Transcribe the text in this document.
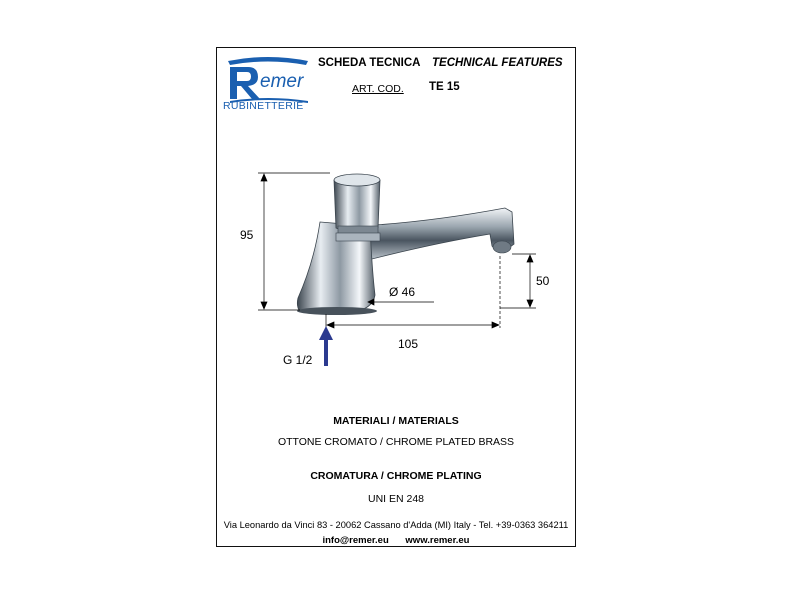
emer
RUBINETTERIE
SCHEDA TECNICA TECHNICAL FEATURES
ART. COD. TE 15
95
50
Ø 46
105
G 1/2
MATERIALI / MATERIALS
OTTONE CROMATO / CHROME PLATED BRASS
CROMATURA / CHROME PLATING
UNI EN 248
Via Leonardo da Vinci 83 - 20062 Cassano d'Adda (MI) Italy - Tel. +39-0363 364211
info@remer.eu www.remer.eu
